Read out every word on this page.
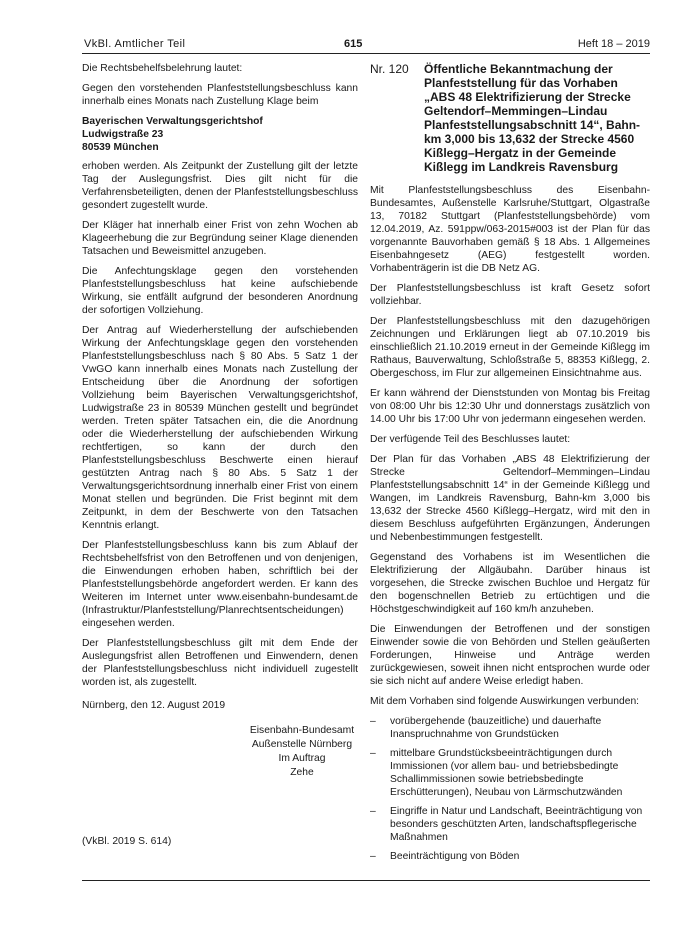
VkBl. Amtlicher Teil	615	Heft 18 – 2019

Die Rechtsbehelfsbelehrung lautet:

Gegen den vorstehenden Planfeststellungsbeschluss kann innerhalb eines Monats nach Zustellung Klage beim

Bayerischen Verwaltungsgerichtshof
Ludwigstraße 23
80539 München

erhoben werden. Als Zeitpunkt der Zustellung gilt der letzte Tag der Auslegungsfrist. Dies gilt nicht für die Verfahrensbeteiligten, denen der Planfeststellungsbeschluss gesondert zugestellt wurde.

Der Kläger hat innerhalb einer Frist von zehn Wochen ab Klageerhebung die zur Begründung seiner Klage dienenden Tatsachen und Beweismittel anzugeben.

Die Anfechtungsklage gegen den vorstehenden Planfeststellungsbeschluss hat keine aufschiebende Wirkung, sie entfällt aufgrund der besonderen Anordnung der sofortigen Vollziehung.

Der Antrag auf Wiederherstellung der aufschiebenden Wirkung der Anfechtungsklage gegen den vorstehenden Planfeststellungsbeschluss nach § 80 Abs. 5 Satz 1 der VwGO kann innerhalb eines Monats nach Zustellung der Entscheidung über die Anordnung der sofortigen Vollziehung beim Bayerischen Verwaltungsgerichtshof, Ludwigstraße 23 in 80539 München gestellt und begründet werden. Treten später Tatsachen ein, die die Anordnung oder die Wiederherstellung der aufschiebenden Wirkung rechtfertigen, so kann der durch den Planfeststellungsbeschluss Beschwerte einen hierauf gestützten Antrag nach § 80 Abs. 5 Satz 1 der Verwaltungsgerichtsordnung innerhalb einer Frist von einem Monat stellen und begründen. Die Frist beginnt mit dem Zeitpunkt, in dem der Beschwerte von den Tatsachen Kenntnis erlangt.

Der Planfeststellungsbeschluss kann bis zum Ablauf der Rechtsbehelfsfrist von den Betroffenen und von denjenigen, die Einwendungen erhoben haben, schriftlich bei der Planfeststellungsbehörde angefordert werden. Er kann des Weiteren im Internet unter www.eisenbahn-bundesamt.de (Infrastruktur/Planfeststellung/Planrechtsentscheidungen) eingesehen werden.

Der Planfeststellungsbeschluss gilt mit dem Ende der Auslegungsfrist allen Betroffenen und Einwendern, denen der Planfeststellungsbeschluss nicht individuell zugestellt worden ist, als zugestellt.

Nürnberg, den 12. August 2019

Eisenbahn-Bundesamt
Außenstelle Nürnberg
Im Auftrag
Zehe
(VkBl. 2019 S. 614)
Nr. 120	Öffentliche Bekanntmachung der Planfeststellung für das Vorhaben „ABS 48 Elektrifizierung der Strecke Geltendorf–Memmingen–Lindau Planfeststellungsabschnitt 14“, Bahn-km 3,000 bis 13,632 der Strecke 4560 Kißlegg–Hergatz in der Gemeinde Kißlegg im Landkreis Ravensburg

Mit Planfeststellungsbeschluss des Eisenbahn-Bundesamtes, Außenstelle Karlsruhe/Stuttgart, Olgastraße 13, 70182 Stuttgart (Planfeststellungsbehörde) vom 12.04.2019, Az. 591ppw/063-2015#003 ist der Plan für das vorgenannte Bauvorhaben gemäß § 18 Abs. 1 Allgemeines Eisenbahngesetz (AEG) festgestellt worden. Vorhabenträgerin ist die DB Netz AG.

Der Planfeststellungsbeschluss ist kraft Gesetz sofort vollziehbar.

Der Planfeststellungsbeschluss mit den dazugehörigen Zeichnungen und Erklärungen liegt ab 07.10.2019 bis einschließlich 21.10.2019 erneut in der Gemeinde Kißlegg im Rathaus, Bauverwaltung, Schloßstraße 5, 88353 Kißlegg, 2. Obergeschoss, im Flur zur allgemeinen Einsichtnahme aus.

Er kann während der Dienststunden von Montag bis Freitag von 08:00 Uhr bis 12:30 Uhr und donnerstags zusätzlich von 14.00 Uhr bis 17:00 Uhr von jedermann eingesehen werden.

Der verfügende Teil des Beschlusses lautet:

Der Plan für das Vorhaben „ABS 48 Elektrifizierung der Strecke Geltendorf–Memmingen–Lindau Planfeststellungsabschnitt 14“ in der Gemeinde Kißlegg und Wangen, im Landkreis Ravensburg, Bahn-km 3,000 bis 13,632 der Strecke 4560 Kißlegg–Hergatz, wird mit den in diesem Beschluss aufgeführten Ergänzungen, Änderungen und Nebenbestimmungen festgestellt.

Gegenstand des Vorhabens ist im Wesentlichen die Elektrifizierung der Allgäubahn. Darüber hinaus ist vorgesehen, die Strecke zwischen Buchloe und Hergatz für den bogenschnellen Betrieb zu ertüchtigen und die Höchstgeschwindigkeit auf 160 km/h anzuheben.

Die Einwendungen der Betroffenen und der sonstigen Einwender sowie die von Behörden und Stellen geäußerten Forderungen, Hinweise und Anträge werden zurückgewiesen, soweit ihnen nicht entsprochen wurde oder sie sich nicht auf andere Weise erledigt haben.

Mit dem Vorhaben sind folgende Auswirkungen verbunden:

–	vorübergehende (bauzeitliche) und dauerhafte Inanspruchnahme von Grundstücken
–	mittelbare Grundstücksbeeinträchtigungen durch Immissionen (vor allem bau- und betriebsbedingte Schallimmissionen sowie betriebsbedingte Erschütterungen), Neubau von Lärmschutzwänden
–	Eingriffe in Natur und Landschaft, Beeinträchtigung von besonders geschützten Arten, landschaftspflegerische Maßnahmen
–	Beeinträchtigung von Böden
